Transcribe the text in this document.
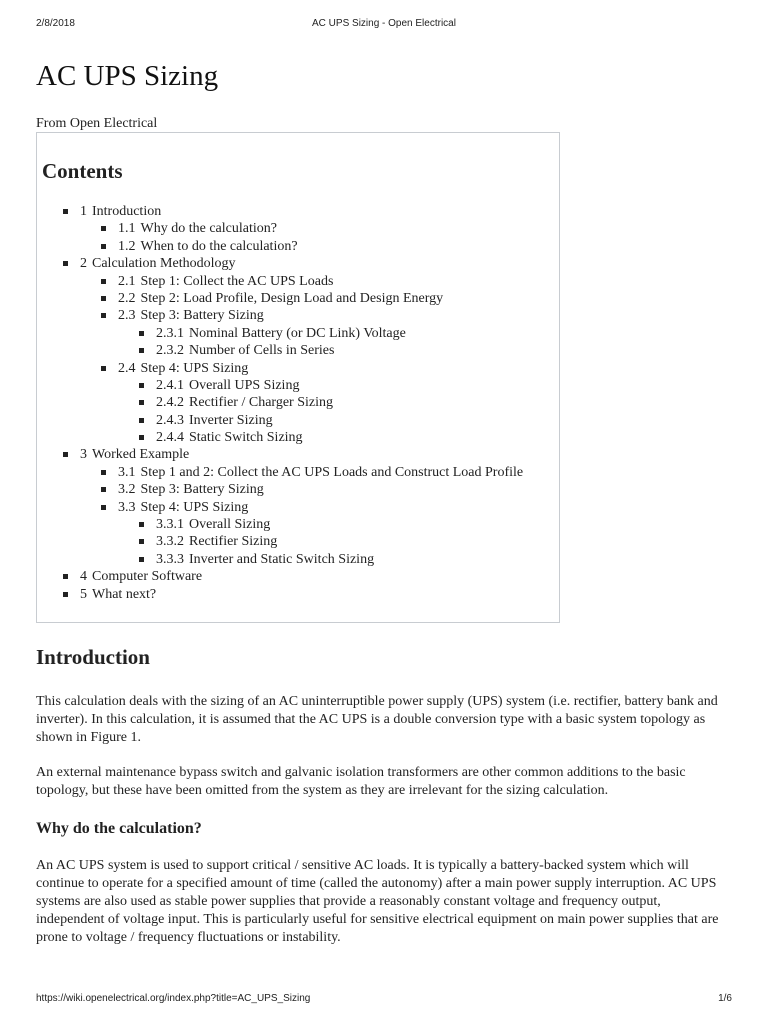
2/8/2018	AC UPS Sizing - Open Electrical
AC UPS Sizing
From Open Electrical
Contents
1 Introduction
1.1 Why do the calculation?
1.2 When to do the calculation?
2 Calculation Methodology
2.1 Step 1: Collect the AC UPS Loads
2.2 Step 2: Load Profile, Design Load and Design Energy
2.3 Step 3: Battery Sizing
2.3.1 Nominal Battery (or DC Link) Voltage
2.3.2 Number of Cells in Series
2.4 Step 4: UPS Sizing
2.4.1 Overall UPS Sizing
2.4.2 Rectifier / Charger Sizing
2.4.3 Inverter Sizing
2.4.4 Static Switch Sizing
3 Worked Example
3.1 Step 1 and 2: Collect the AC UPS Loads and Construct Load Profile
3.2 Step 3: Battery Sizing
3.3 Step 4: UPS Sizing
3.3.1 Overall Sizing
3.3.2 Rectifier Sizing
3.3.3 Inverter and Static Switch Sizing
4 Computer Software
5 What next?
Introduction

This calculation deals with the sizing of an AC uninterruptible power supply (UPS) system (i.e. rectifier, battery bank and inverter). In this calculation, it is assumed that the AC UPS is a double conversion type with a basic system topology as shown in Figure 1.

An external maintenance bypass switch and galvanic isolation transformers are other common additions to the basic topology, but these have been omitted from the system as they are irrelevant for the sizing calculation.

Why do the calculation?

An AC UPS system is used to support critical / sensitive AC loads. It is typically a battery-backed system which will continue to operate for a specified amount of time (called the autonomy) after a main power supply interruption. AC UPS systems are also used as stable power supplies that provide a reasonably constant voltage and frequency output, independent of voltage input. This is particularly useful for sensitive electrical equipment on main power supplies that are prone to voltage / frequency fluctuations or instability.

https://wiki.openelectrical.org/index.php?title=AC_UPS_Sizing	1/6
